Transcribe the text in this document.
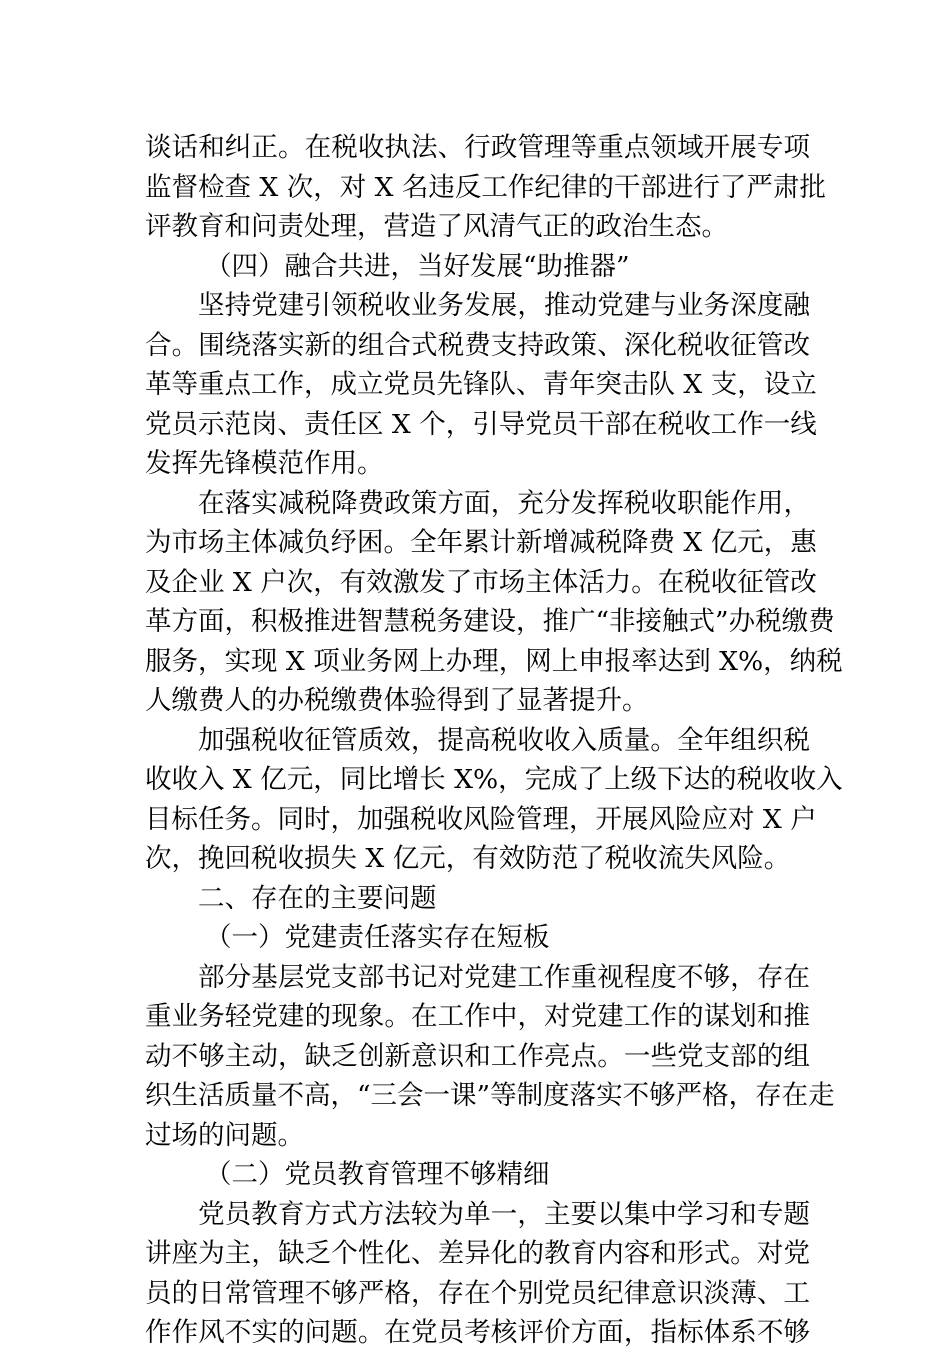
谈话和纠正。在税收执法、行政管理等重点领域开展专项
监督检查 X 次，对 X 名违反工作纪律的干部进行了严肃批
评教育和问责处理，营造了风清气正的政治生态。
（四）融合共进，当好发展“助推器”
坚持党建引领税收业务发展，推动党建与业务深度融
合。围绕落实新的组合式税费支持政策、深化税收征管改
革等重点工作，成立党员先锋队、青年突击队 X 支，设立
党员示范岗、责任区 X 个，引导党员干部在税收工作一线
发挥先锋模范作用。
在落实减税降费政策方面，充分发挥税收职能作用，
为市场主体减负纾困。全年累计新增减税降费 X 亿元，惠
及企业 X 户次，有效激发了市场主体活力。在税收征管改
革方面，积极推进智慧税务建设，推广“非接触式”办税缴费
服务，实现 X 项业务网上办理，网上申报率达到 X%，纳税
人缴费人的办税缴费体验得到了显著提升。
加强税收征管质效，提高税收收入质量。全年组织税
收收入 X 亿元，同比增长 X%，完成了上级下达的税收收入
目标任务。同时，加强税收风险管理，开展风险应对 X 户
次，挽回税收损失 X 亿元，有效防范了税收流失风险。
二、存在的主要问题
（一）党建责任落实存在短板
部分基层党支部书记对党建工作重视程度不够，存在
重业务轻党建的现象。在工作中，对党建工作的谋划和推
动不够主动，缺乏创新意识和工作亮点。一些党支部的组
织生活质量不高，“三会一课”等制度落实不够严格，存在走
过场的问题。
（二）党员教育管理不够精细
党员教育方式方法较为单一，主要以集中学习和专题
讲座为主，缺乏个性化、差异化的教育内容和形式。对党
员的日常管理不够严格，存在个别党员纪律意识淡薄、工
作作风不实的问题。在党员考核评价方面，指标体系不够
